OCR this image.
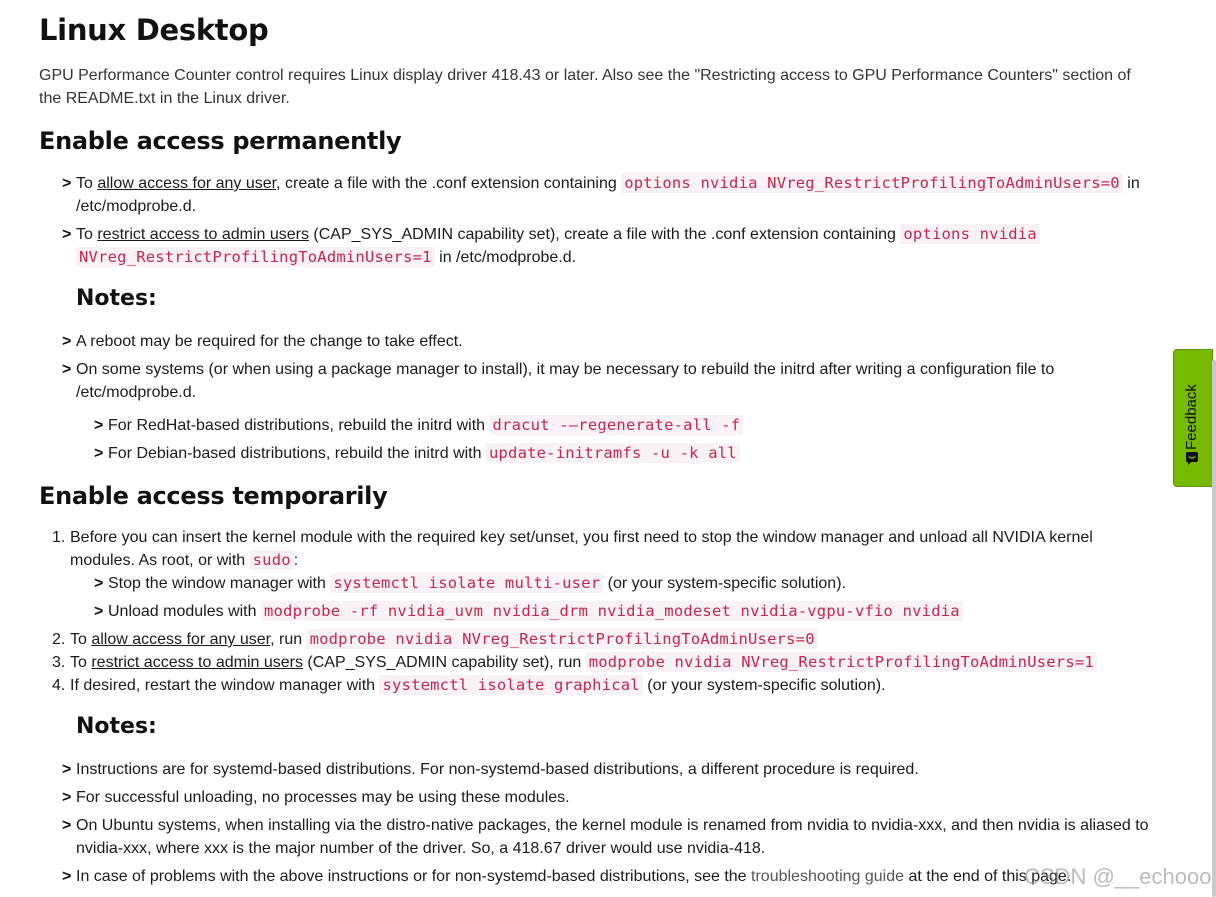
Linux Desktop

GPU Performance Counter control requires Linux display driver 418.43 or later. Also see the "Restricting access to GPU Performance Counters" section of the README.txt in the Linux driver.

Enable access permanently
> To allow access for any user, create a file with the .conf extension containing options nvidia NVreg_RestrictProfilingToAdminUsers=0 in
/etc/modprobe.d.
> To restrict access to admin users (CAP_SYS_ADMIN capability set), create a file with the .conf extension containing options nvidia
NVreg_RestrictProfilingToAdminUsers=1 in /etc/modprobe.d.
Notes:
> A reboot may be required for the change to take effect.
> On some systems (or when using a package manager to install), it may be necessary to rebuild the initrd after writing a configuration file to
/etc/modprobe.d.
> For RedHat-based distributions, rebuild the initrd with dracut -—regenerate-all -f
> For Debian-based distributions, rebuild the initrd with update-initramfs -u -k all
Enable access temporarily
1. Before you can insert the kernel module with the required key set/unset, you first need to stop the window manager and unload all NVIDIA kernel
modules. As root, or with sudo :
> Stop the window manager with systemctl isolate multi-user (or your system-specific solution).
> Unload modules with modprobe -rf nvidia_uvm nvidia_drm nvidia_modeset nvidia-vgpu-vfio nvidia
2. To allow access for any user, run modprobe nvidia NVreg_RestrictProfilingToAdminUsers=0
3. To restrict access to admin users (CAP_SYS_ADMIN capability set), run modprobe nvidia NVreg_RestrictProfilingToAdminUsers=1
4. If desired, restart the window manager with systemctl isolate graphical (or your system-specific solution).
Notes:
> Instructions are for systemd-based distributions. For non-systemd-based distributions, a different procedure is required.
> For successful unloading, no processes may be using these modules.
> On Ubuntu systems, when installing via the distro-native packages, the kernel module is renamed from nvidia to nvidia-xxx, and then nvidia is aliased to
nvidia-xxx, where xxx is the major number of the driver. So, a 418.67 driver would use nvidia-418.
> In case of problems with the above instructions or for non-systemd-based distributions, see the troubleshooting guide at the end of this page.
Feedback
CSDN @__echooo
